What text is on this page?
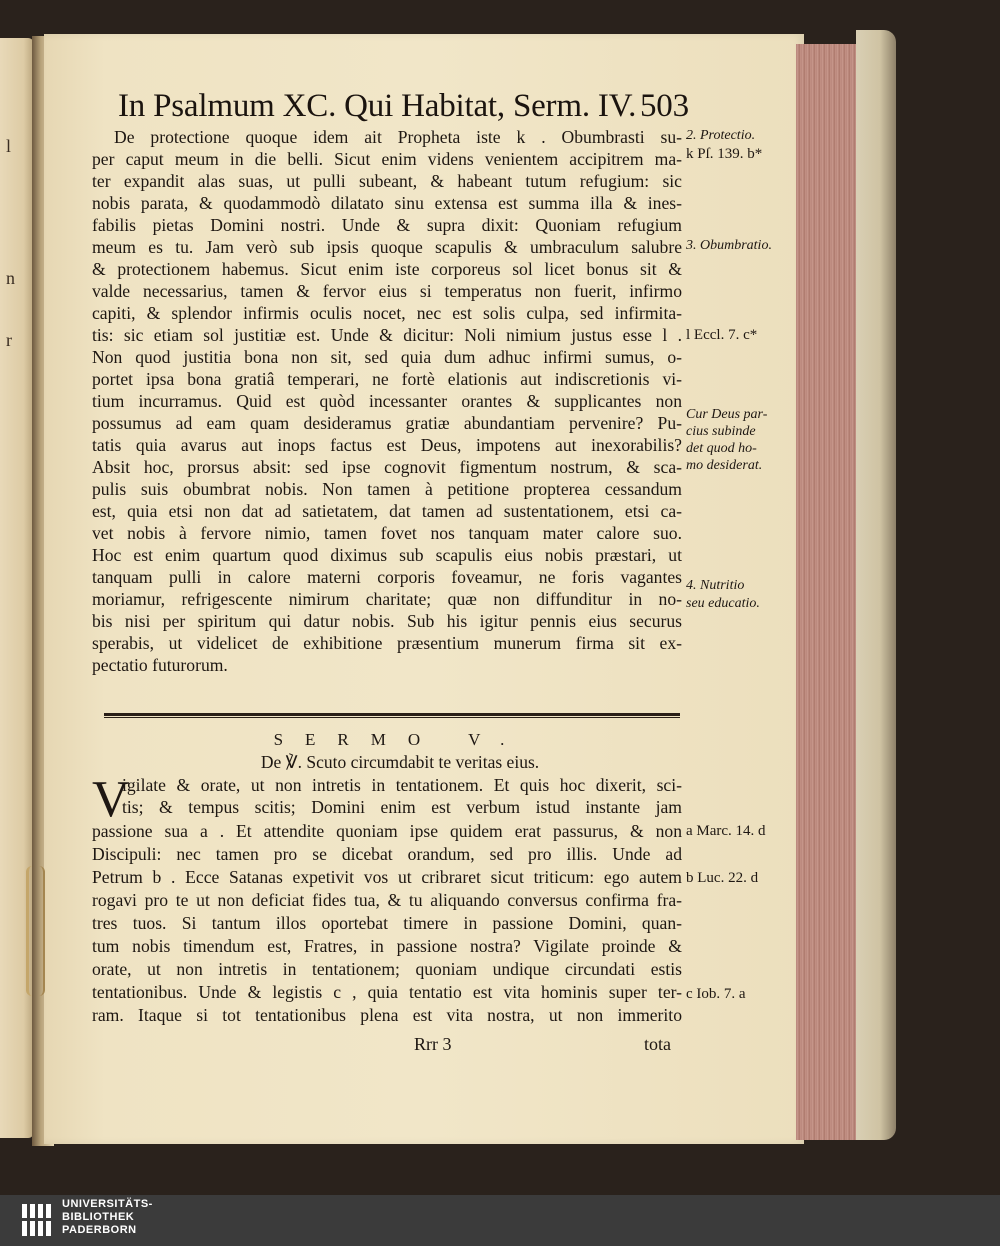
l
n
r
In Psalmum XC. Qui Habitat, Serm. IV. 503
De protectione quoque idem ait Propheta iste k . Obumbrasti su-
per caput meum in die belli. Sicut enim videns venientem accipitrem ma-
ter expandit alas suas, ut pulli subeant, & habeant tutum refugium: sic
nobis parata, & quodammodò dilatato sinu extensa est summa illa & ines-
fabilis pietas Domini nostri. Unde & supra dixit: Quoniam refugium
meum es tu. Jam verò sub ipsis quoque scapulis & umbraculum salubre
& protectionem habemus. Sicut enim iste corporeus sol licet bonus sit &
valde necessarius, tamen & fervor eius si temperatus non fuerit, infirmo
capiti, & splendor infirmis oculis nocet, nec est solis culpa, sed infirmita-
tis: sic etiam sol justitiæ est. Unde & dicitur: Noli nimium justus esse l .
Non quod justitia bona non sit, sed quia dum adhuc infirmi sumus, o-
portet ipsa bona gratiâ temperari, ne fortè elationis aut indiscretionis vi-
tium incurramus. Quid est quòd incessanter orantes & supplicantes non
possumus ad eam quam desideramus gratiæ abundantiam pervenire? Pu-
tatis quia avarus aut inops factus est Deus, impotens aut inexorabilis?
Absit hoc, prorsus absit: sed ipse cognovit figmentum nostrum, & sca-
pulis suis obumbrat nobis. Non tamen à petitione propterea cessandum
est, quia etsi non dat ad satietatem, dat tamen ad sustentationem, etsi ca-
vet nobis à fervore nimio, tamen fovet nos tanquam mater calore suo.
Hoc est enim quartum quod diximus sub scapulis eius nobis præstari, ut
tanquam pulli in calore materni corporis foveamur, ne foris vagantes
moriamur, refrigescente nimirum charitate; quæ non diffunditur in no-
bis nisi per spiritum qui datur nobis. Sub his igitur pennis eius securus
sperabis, ut videlicet de exhibitione præsentium munerum firma sit ex-
pectatio futurorum.
SERMO V.
De ℣. Scuto circumdabit te veritas eius.
V
igilate & orate, ut non intretis in tentationem. Et quis hoc dixerit, sci-
tis; & tempus scitis; Domini enim est verbum istud instante jam
passione sua a . Et attendite quoniam ipse quidem erat passurus, & non
Discipuli: nec tamen pro se dicebat orandum, sed pro illis. Unde ad
Petrum b . Ecce Satanas expetivit vos ut cribraret sicut triticum: ego autem
rogavi pro te ut non deficiat fides tua, & tu aliquando conversus confirma fra-
tres tuos. Si tantum illos oportebat timere in passione Domini, quan-
tum nobis timendum est, Fratres, in passione nostra? Vigilate proinde &
orate, ut non intretis in tentationem; quoniam undique circundati estis
tentationibus. Unde & legistis c , quia tentatio est vita hominis super ter-
ram. Itaque si tot tentationibus plena est vita nostra, ut non immerito
Rrr 3	tota
2. Protectio.
k Pſ. 139. b*
3. Obumbratio.
l Eccl. 7. c*
Cur Deus par-
cius subinde
det quod ho-
mo desiderat.
4. Nutritio
seu educatio.
a Marc. 14. d
b Luc. 22. d
c Iob. 7. a
UNIVERSITÄTS-
BIBLIOTHEK
PADERBORN
